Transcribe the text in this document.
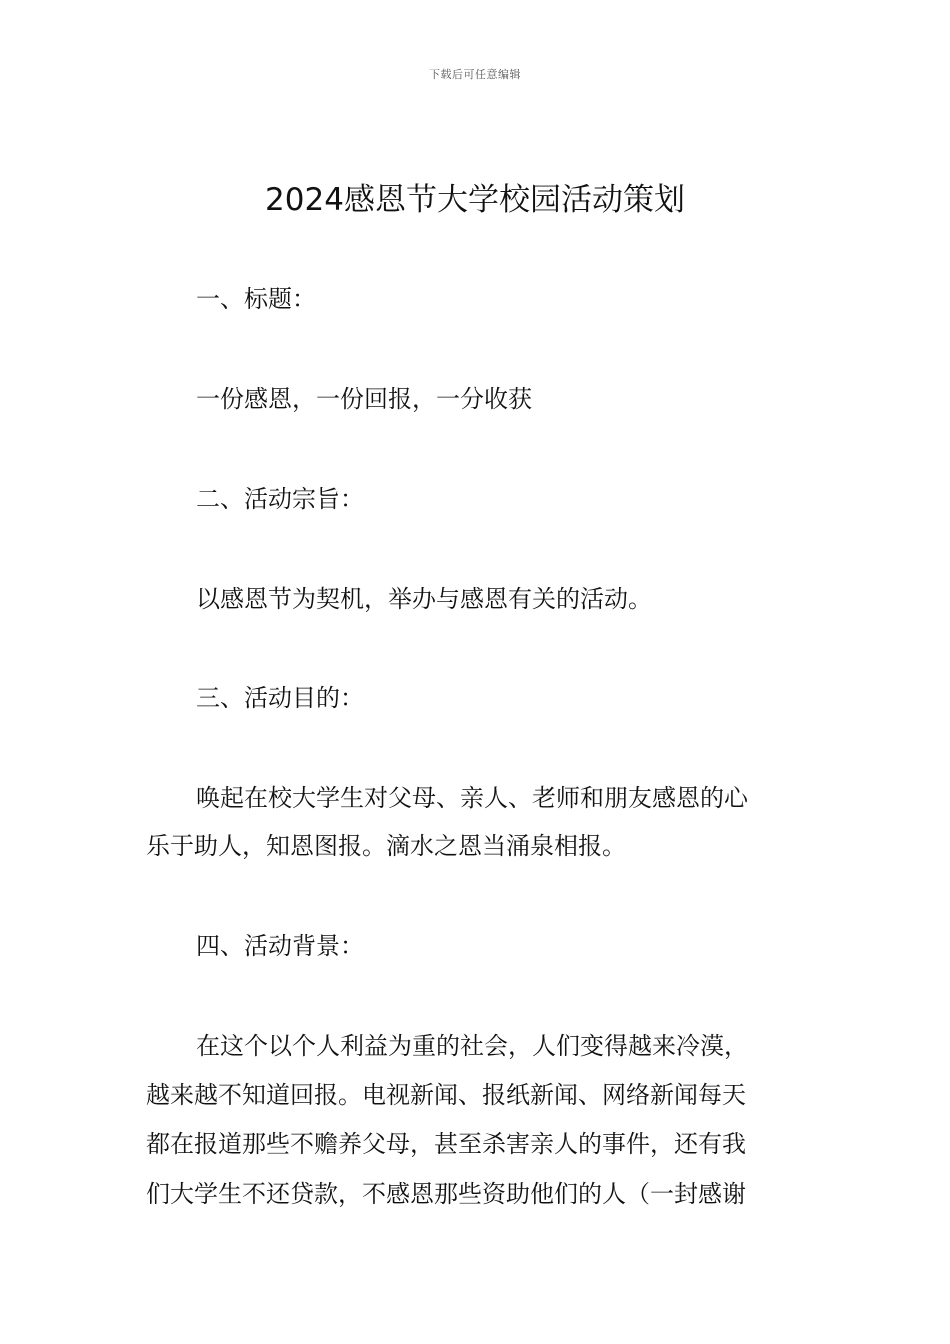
下载后可任意编辑
2024感恩节大学校园活动策划
一、标题：
一份感恩，一份回报，一分收获
二、活动宗旨：
以感恩节为契机，举办与感恩有关的活动。
三、活动目的：
唤起在校大学生对父母、亲人、老师和朋友感恩的心
乐于助人，知恩图报。滴水之恩当涌泉相报。
四、活动背景：
在这个以个人利益为重的社会，人们变得越来冷漠，
越来越不知道回报。电视新闻、报纸新闻、网络新闻每天
都在报道那些不赡养父母，甚至杀害亲人的事件，还有我
们大学生不还贷款，不感恩那些资助他们的人（一封感谢
